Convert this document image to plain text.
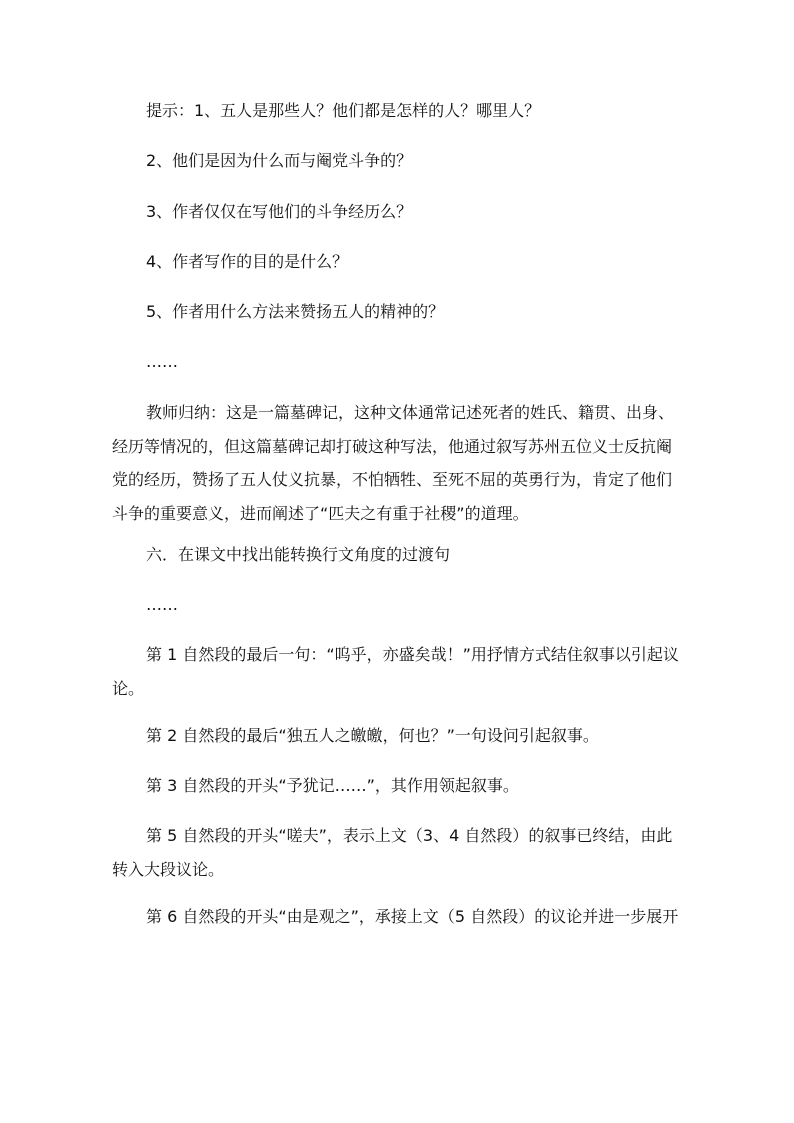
提示：1、五人是那些人？他们都是怎样的人？哪里人？

2、他们是因为什么而与阉党斗争的？

3、作者仅仅在写他们的斗争经历么？

4、作者写作的目的是什么？

5、作者用什么方法来赞扬五人的精神的？

……

教师归纳：这是一篇墓碑记，这种文体通常记述死者的姓氏、籍贯、出身、经历等情况的，但这篇墓碑记却打破这种写法，他通过叙写苏州五位义士反抗阉党的经历，赞扬了五人仗义抗暴，不怕牺牲、至死不屈的英勇行为，肯定了他们斗争的重要意义，进而阐述了“匹夫之有重于社稷”的道理。

六．在课文中找出能转换行文角度的过渡句

……

第 1 自然段的最后一句：“呜乎，亦盛矣哉！”用抒情方式结住叙事以引起议论。

第 2 自然段的最后“独五人之皦皦，何也？”一句设问引起叙事。

第 3 自然段的开头“予犹记……”，其作用领起叙事。

第 5 自然段的开头“嗟夫”，表示上文（3、4 自然段）的叙事已终结，由此转入大段议论。

第 6 自然段的开头“由是观之”，承接上文（5 自然段）的议论并进一步展开
